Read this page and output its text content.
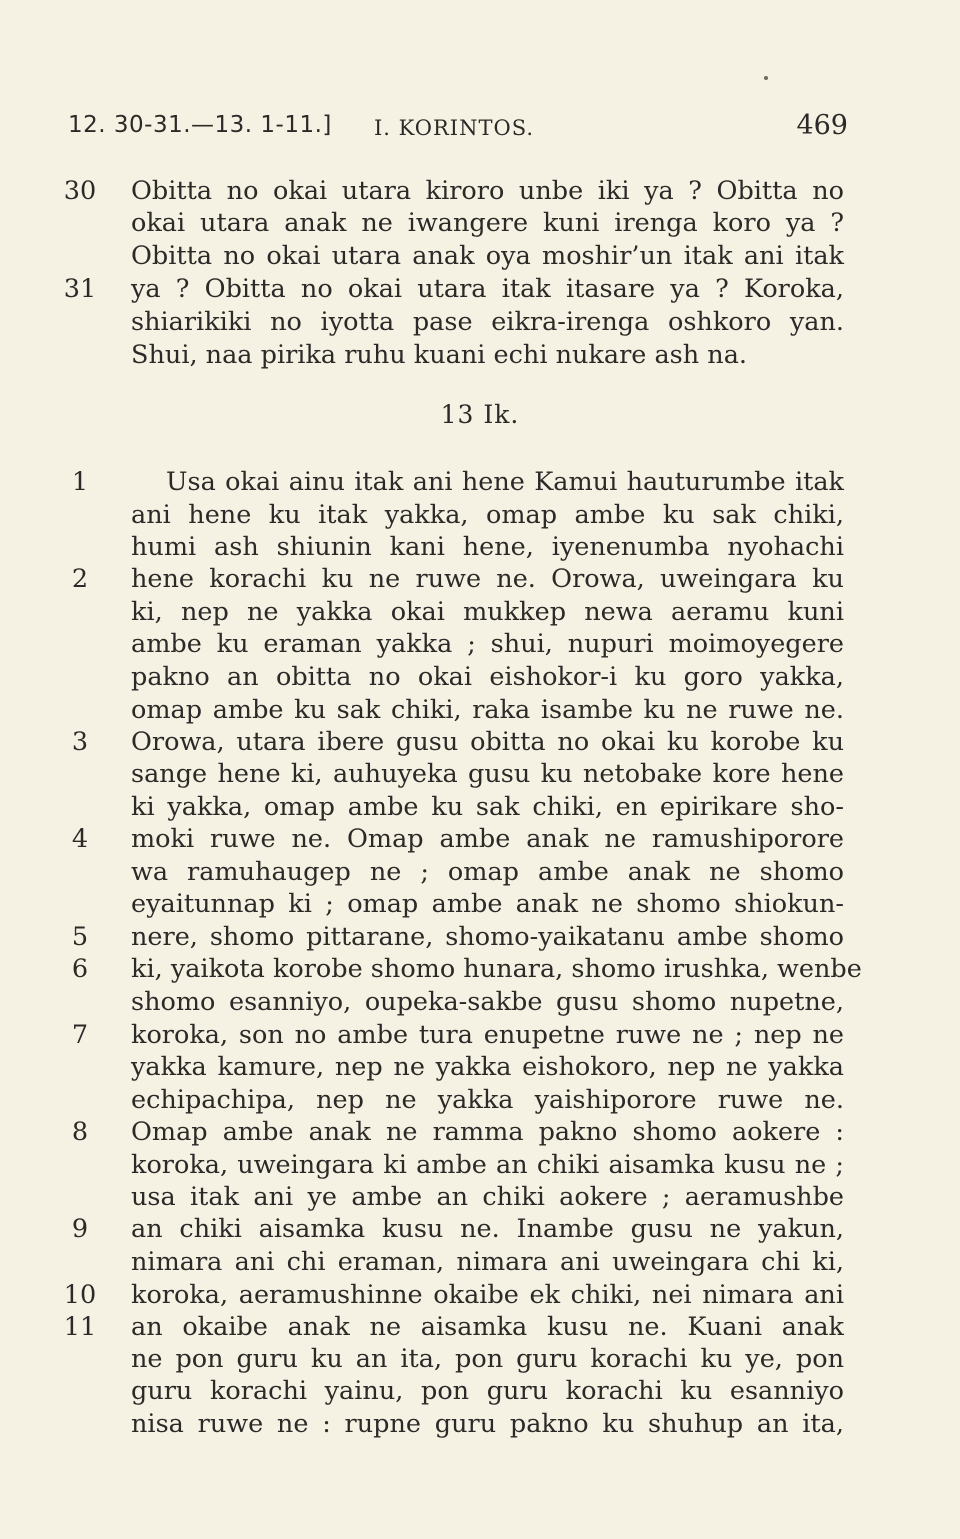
12. 30-31.—13. 1-11.] I. KORINTOS.	469
13 Ik.
30 Obitta no okai utara kiroro unbe iki ya ? Obitta no
okai utara anak ne iwangere kuni irenga koro ya ?
Obitta no okai utara anak oya moshir’un itak ani itak
31 ya ? Obitta no okai utara itak itasare ya ? Koroka,
shiarikiki no iyotta pase eikra-irenga oshkoro yan.
Shui, naa pirika ruhu kuani echi nukare ash na.
1	Usa okai ainu itak ani hene Kamui hauturumbe itak
ani hene ku itak yakka, omap ambe ku sak chiki,
humi ash shiunin kani hene, iyenenumba nyohachi
2	hene korachi ku ne ruwe ne. Orowa, uweingara ku
ki, nep ne yakka okai mukkep newa aeramu kuni
ambe ku eraman yakka ; shui, nupuri moimoyegere
pakno an obitta no okai eishokor-i ku goro yakka,
omap ambe ku sak chiki, raka isambe ku ne ruwe ne.
3	Orowa, utara ibere gusu obitta no okai ku korobe ku
sange hene ki, auhuyeka gusu ku netobake kore hene
ki yakka, omap ambe ku sak chiki, en epirikare sho-
4	moki ruwe ne. Omap ambe anak ne ramushiporore
wa ramuhaugep ne ; omap ambe anak ne shomo
eyaitunnap ki ; omap ambe anak ne shomo shiokun-
5	nere, shomo pittarane, shomo-yaikatanu ambe shomo
6	ki, yaikota korobe shomo hunara, shomo irushka, wenbe
shomo esanniyo, oupeka-sakbe gusu shomo nupetne,
7	koroka, son no ambe tura enupetne ruwe ne ; nep ne
yakka kamure, nep ne yakka eishokoro, nep ne yakka
echipachipa, nep ne yakka yaishiporore ruwe ne.
8	Omap ambe anak ne ramma pakno shomo aokere :
koroka, uweingara ki ambe an chiki aisamka kusu ne ;
usa itak ani ye ambe an chiki aokere ; aeramushbe
9	an chiki aisamka kusu ne. Inambe gusu ne yakun,
nimara ani chi eraman, nimara ani uweingara chi ki,
10 koroka, aeramushinne okaibe ek chiki, nei nimara ani
11 an okaibe anak ne aisamka kusu ne. Kuani anak
ne pon guru ku an ita, pon guru korachi ku ye, pon
guru korachi yainu, pon guru korachi ku esanniyo
nisa ruwe ne : rupne guru pakno ku shuhup an ita,
